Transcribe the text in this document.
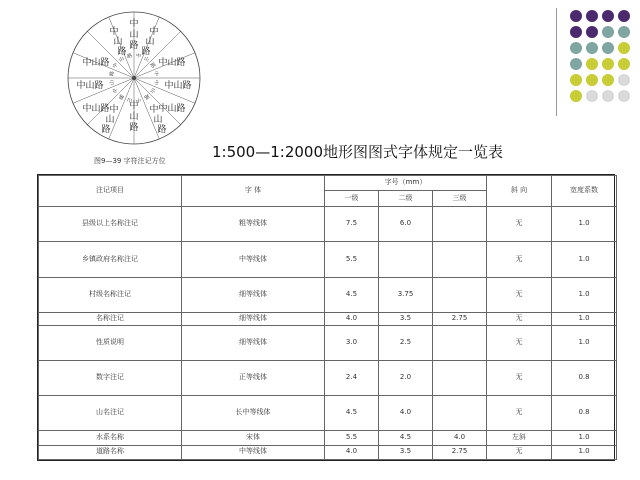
中山路	中山路
中山路	中山路
中山路	中山路
中
山
路
中
山
路
中
山
路
中
山
路
中
山
路
中
山
路
中
山
路
中
山
路
中
山
路
中
山 路 中 山
路
中
图9—39 字符注记方位	1:500—1:2000地形图图式字体规定一览表
注记项目	字 体	字号（mm）			斜 向	宽度系数
		一级	二级	三级		
县级以上名称注记	粗等线体	7.5	6.0		无	1.0
乡镇政府名称注记	中等线体	5.5			无	1.0
村级名称注记	细等线体	4.5	3.75		无	1.0
名称注记	细等线体	4.0	3.5	2.75	无	1.0
性质说明	细等线体	3.0	2.5		无	1.0
数字注记	正等线体	2.4	2.0		无	0.8
山名注记	长中等线体	4.5	4.0		无	0.8
水系名称	宋体	5.5	4.5	4.0	左斜	1.0
道路名称	中等线体	4.0	3.5	2.75	无	1.0
